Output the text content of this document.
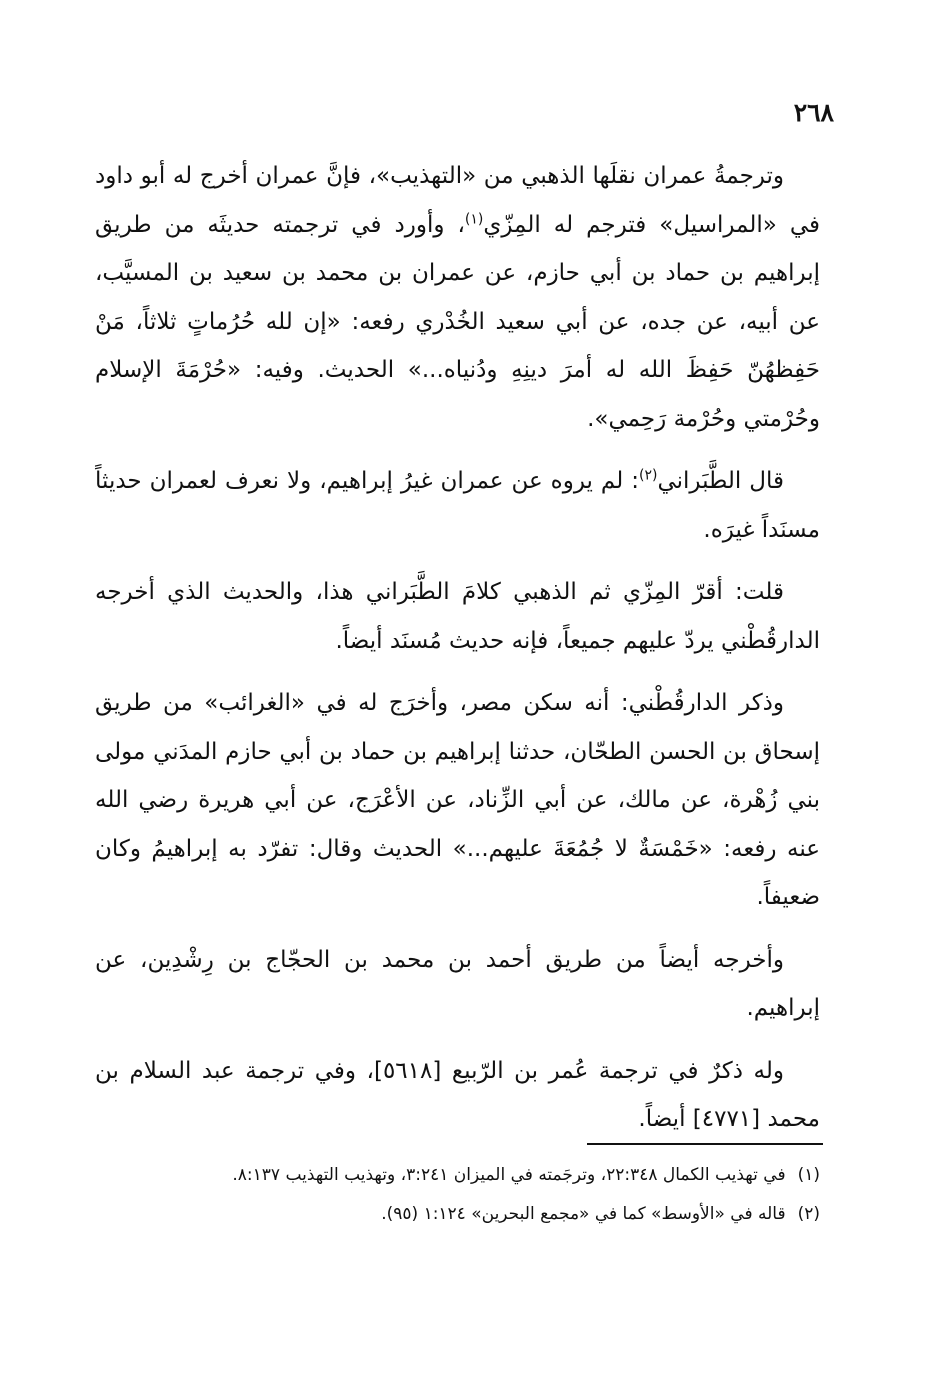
٢٦٨

وترجمةُ عمران نقلَها الذهبي من «التهذيب»، فإنَّ عمران أخرج له أبو داود في «المراسيل» فترجم له المِزّي$^{(١)}$، وأورد في ترجمته حديثَه من طريق إبراهيم بن حماد بن أبي حازم، عن عمران بن محمد بن سعيد بن المسيَّب، عن أبيه، عن جده، عن أبي سعيد الخُدْري رفعه: «إن لله حُرُماتٍ ثلاثاً، مَنْ حَفِظهُنّ حَفِظَ الله له أمرَ دينِهِ ودُنياه...» الحديث. وفيه: «حُرْمَةَ الإسلام وحُرْمتي وحُرْمة رَحِمي».

قال الطَّبَراني$^{(٢)}$: لم يروه عن عمران غيرُ إبراهيم، ولا نعرف لعمران حديثاً مسنَداً غيرَه.

قلت: أقرّ المِزّي ثم الذهبي كلامَ الطَّبَراني هذا، والحديث الذي أخرجه الدارقُطْني يردّ عليهم جميعاً، فإنه حديث مُسنَد أيضاً.

وذكر الدارقُطْني: أنه سكن مصر، وأخرَج له في «الغرائب» من طريق إسحاق بن الحسن الطحّان، حدثنا إبراهيم بن حماد بن أبي حازم المدَني مولى بني زُهْرة، عن مالك، عن أبي الزِّناد، عن الأعْرَج، عن أبي هريرة رضي الله عنه رفعه: «خَمْسَةٌ لا جُمُعَةَ عليهم...» الحديث وقال: تفرّد به إبراهيمُ وكان ضعيفاً.

وأخرجه أيضاً من طريق أحمد بن محمد بن الحجّاج بن رِشْدِين، عن إبراهيم.

وله ذكرٌ في ترجمة عُمر بن الرّبيع [٥٦١٨]، وفي ترجمة عبد السلام بن محمد [٤٧٧١] أيضاً.

(١)في تهذيب الكمال ٢٢:٣٤٨، وترجَمته في الميزان ٣:٢٤١، وتهذيب التهذيب ٨:١٣٧.

(٢)قاله في «الأوسط» كما في «مجمع البحرين» ١:١٢٤ (٩٥).
